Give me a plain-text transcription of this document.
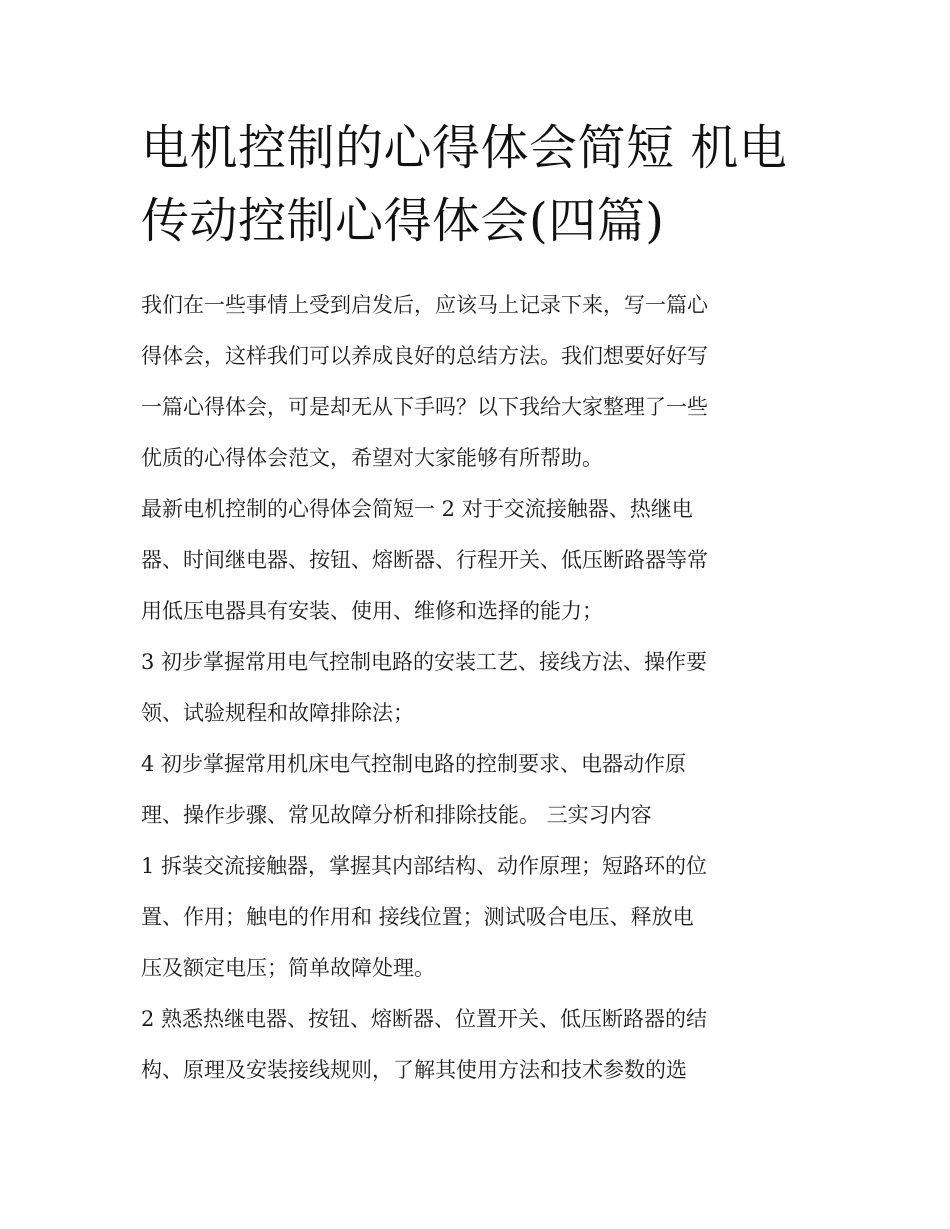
电机控制的心得体会简短 机电
传动控制心得体会(四篇)

我们在一些事情上受到启发后，应该马上记录下来，写一篇心
得体会，这样我们可以养成良好的总结方法。我们想要好好写
一篇心得体会，可是却无从下手吗？以下我给大家整理了一些
优质的心得体会范文，希望对大家能够有所帮助。

最新电机控制的心得体会简短一 2 对于交流接触器、热继电
器、时间继电器、按钮、熔断器、行程开关、低压断路器等常
用低压电器具有安装、使用、维修和选择的能力；

3 初步掌握常用电气控制电路的安装工艺、接线方法、操作要
领、试验规程和故障排除法；

4 初步掌握常用机床电气控制电路的控制要求、电器动作原
理、操作步骤、常见故障分析和排除技能。 三实习内容

1 拆装交流接触器，掌握其内部结构、动作原理；短路环的位
置、作用；触电的作用和 接线位置；测试吸合电压、释放电
压及额定电压；简单故障处理。

2 熟悉热继电器、按钮、熔断器、位置开关、低压断路器的结
构、原理及安装接线规则，了解其使用方法和技术参数的选
